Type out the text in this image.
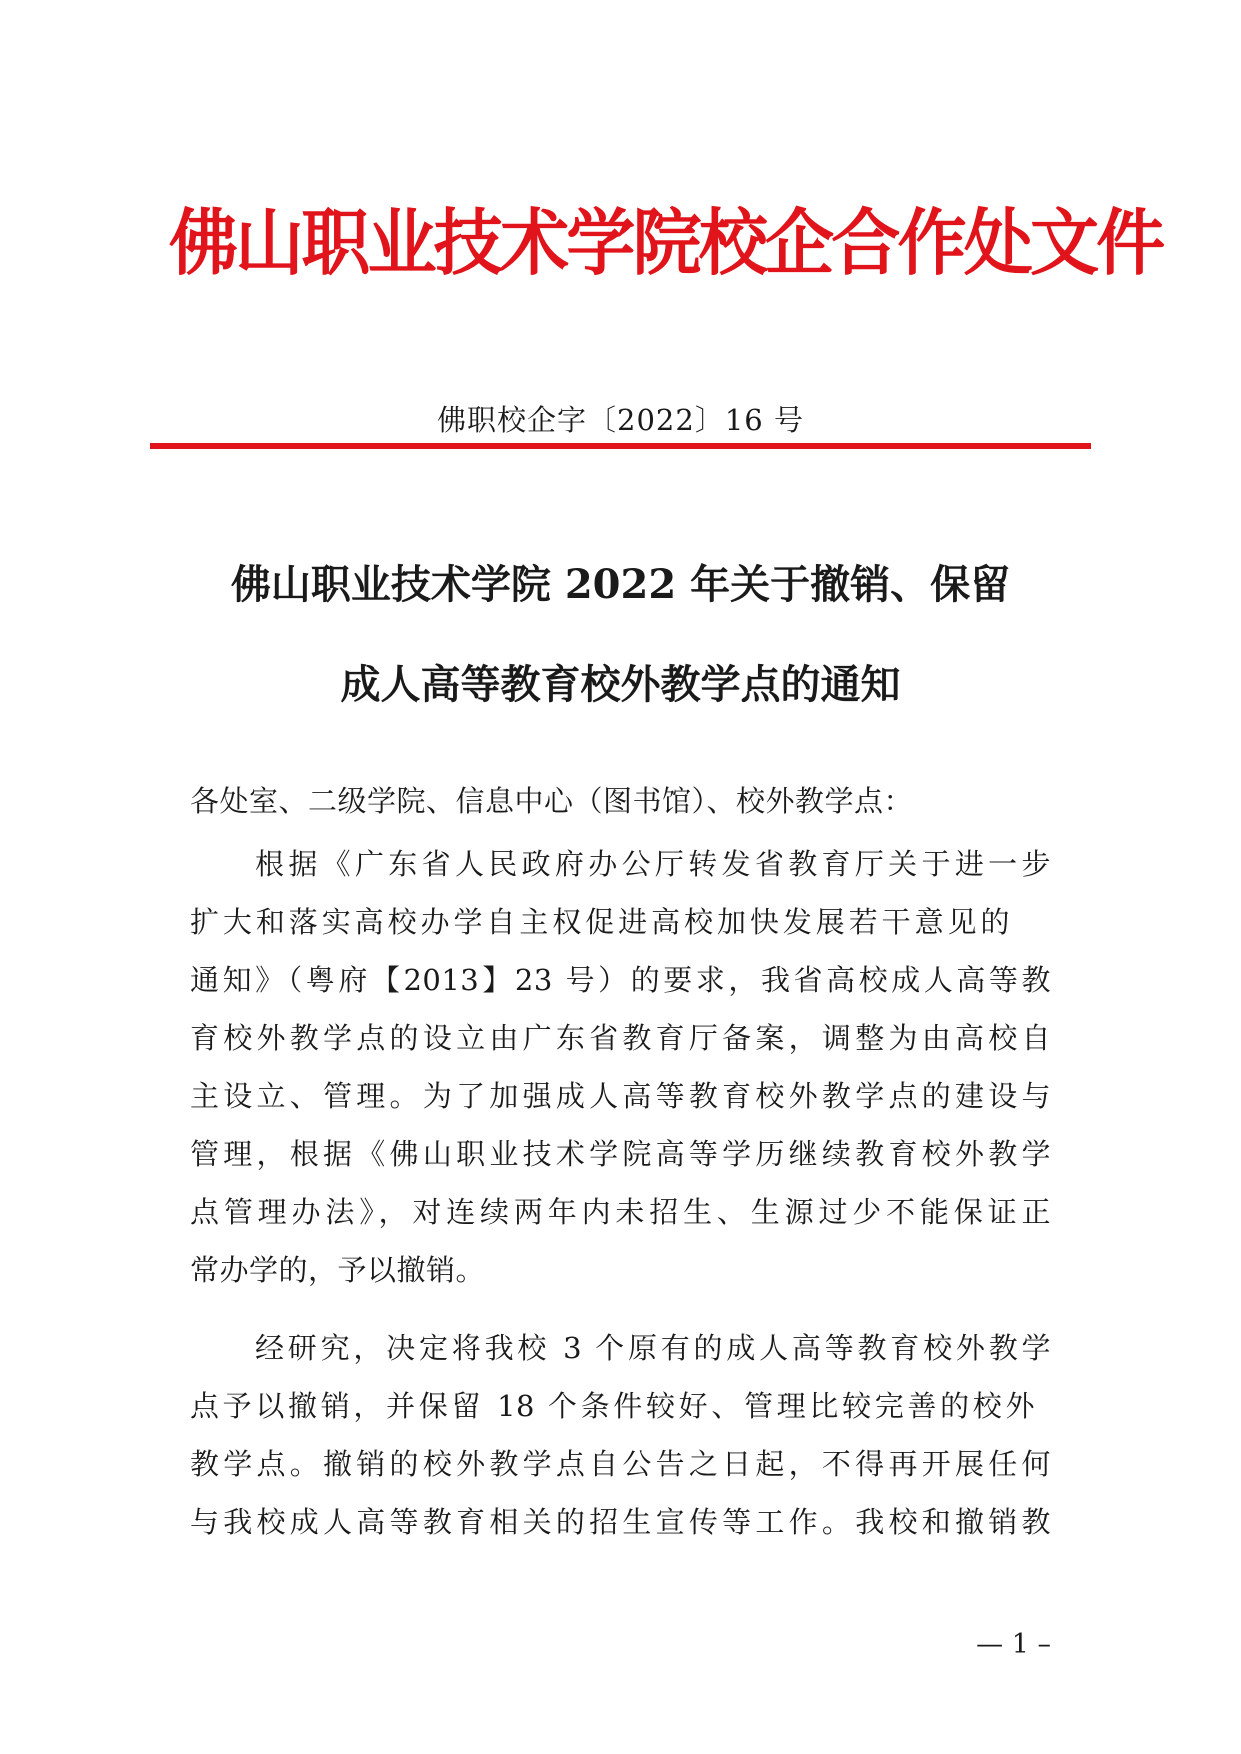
佛山职业技术学院校企合作处文件
佛职校企字〔2022〕16 号
佛山职业技术学院 2022 年关于撤销、保留
成人高等教育校外教学点的通知
各处室、二级学院、信息中心（图书馆）、校外教学点：
根据《广东省人民政府办公厅转发省教育厅关于进一步
扩大和落实高校办学自主权促进高校加快发展若干意见的
通知》（粤府【2013】23 号）的要求，我省高校成人高等教
育校外教学点的设立由广东省教育厅备案，调整为由高校自
主设立、管理。为了加强成人高等教育校外教学点的建设与
管理，根据《佛山职业技术学院高等学历继续教育校外教学
点管理办法》，对连续两年内未招生、生源过少不能保证正
常办学的，予以撤销。
经研究，决定将我校 3 个原有的成人高等教育校外教学
点予以撤销，并保留 18 个条件较好、管理比较完善的校外
教学点。撤销的校外教学点自公告之日起，不得再开展任何
与我校成人高等教育相关的招生宣传等工作。我校和撤销教
— 1 –
